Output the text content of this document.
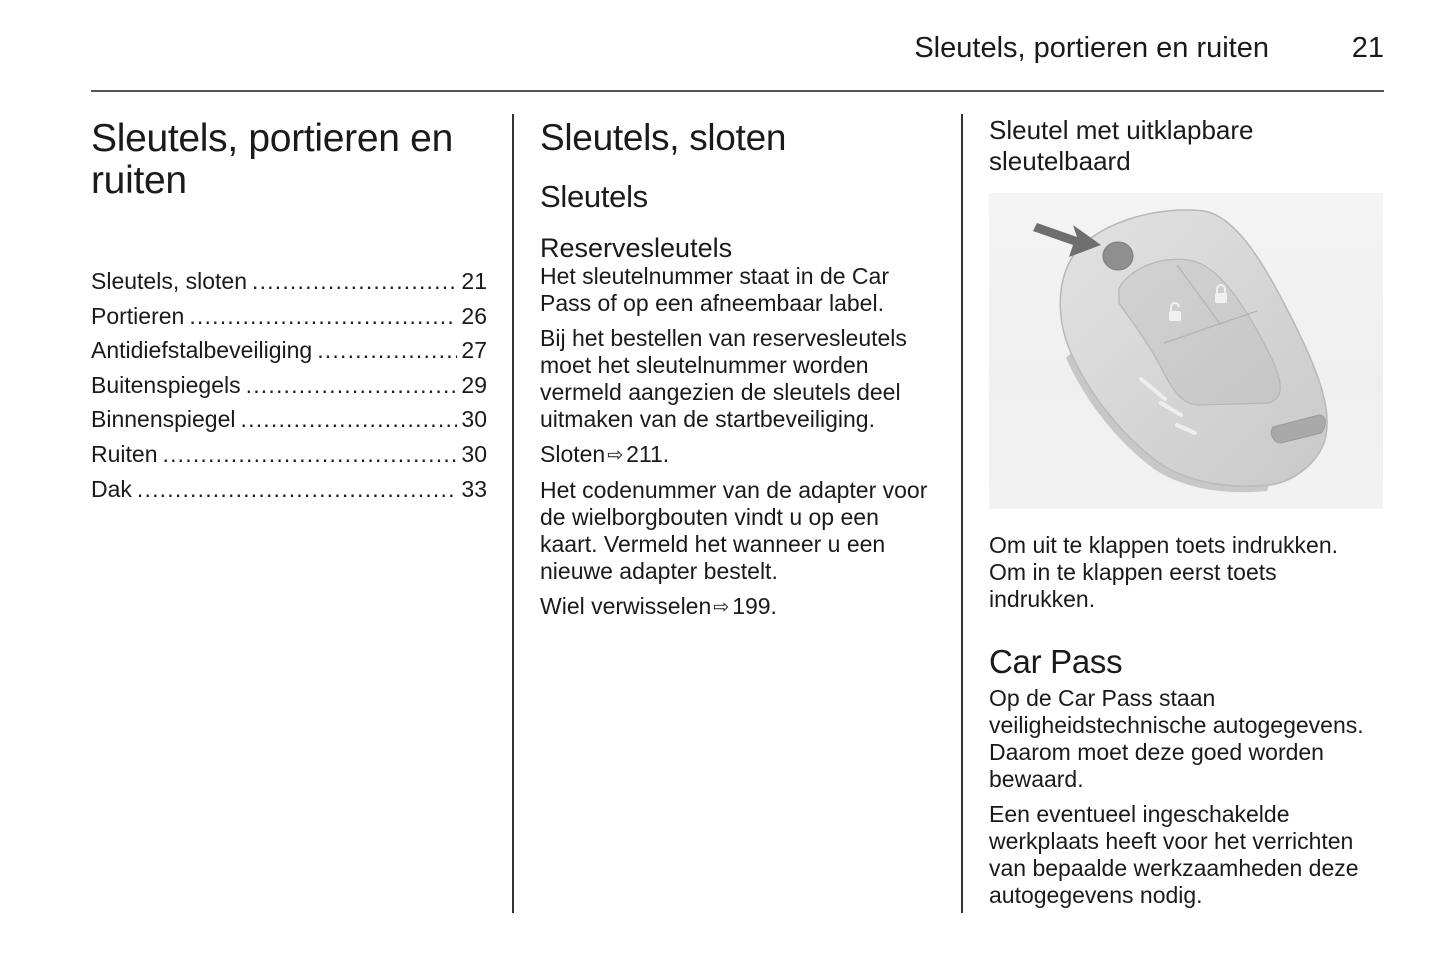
Sleutels, portieren en ruiten	21
Sleutels, portieren en
ruiten
Sleutels, sloten .....	21
Portieren .....	26
Antidiefstalbeveiliging .....	27
Buitenspiegels .....	29
Binnenspiegel .....	30
Ruiten .....	30
Dak .....	33
Sleutels, sloten
Sleutels
Reservesleutels

Het sleutelnummer staat in de Car Pass of op een afneembaar label.

Bij het bestellen van reservesleutels moet het sleutelnummer worden vermeld aangezien de sleutels deel uitmaken van de startbeveiliging.

Sloten ⇨ 211.

Het codenummer van de adapter voor de wielborgbouten vindt u op een kaart. Vermeld het wanneer u een nieuwe adapter bestelt.

Wiel verwisselen ⇨ 199.

Sleutel met uitklapbare
sleutelbaard

Om uit te klappen toets indrukken.

Om in te klappen eerst toets indrukken.

Car Pass

Op de Car Pass staan veiligheidstechnische autogegevens. Daarom moet deze goed worden bewaard.

Een eventueel ingeschakelde werkplaats heeft voor het verrichten van bepaalde werkzaamheden deze autogegevens nodig.
